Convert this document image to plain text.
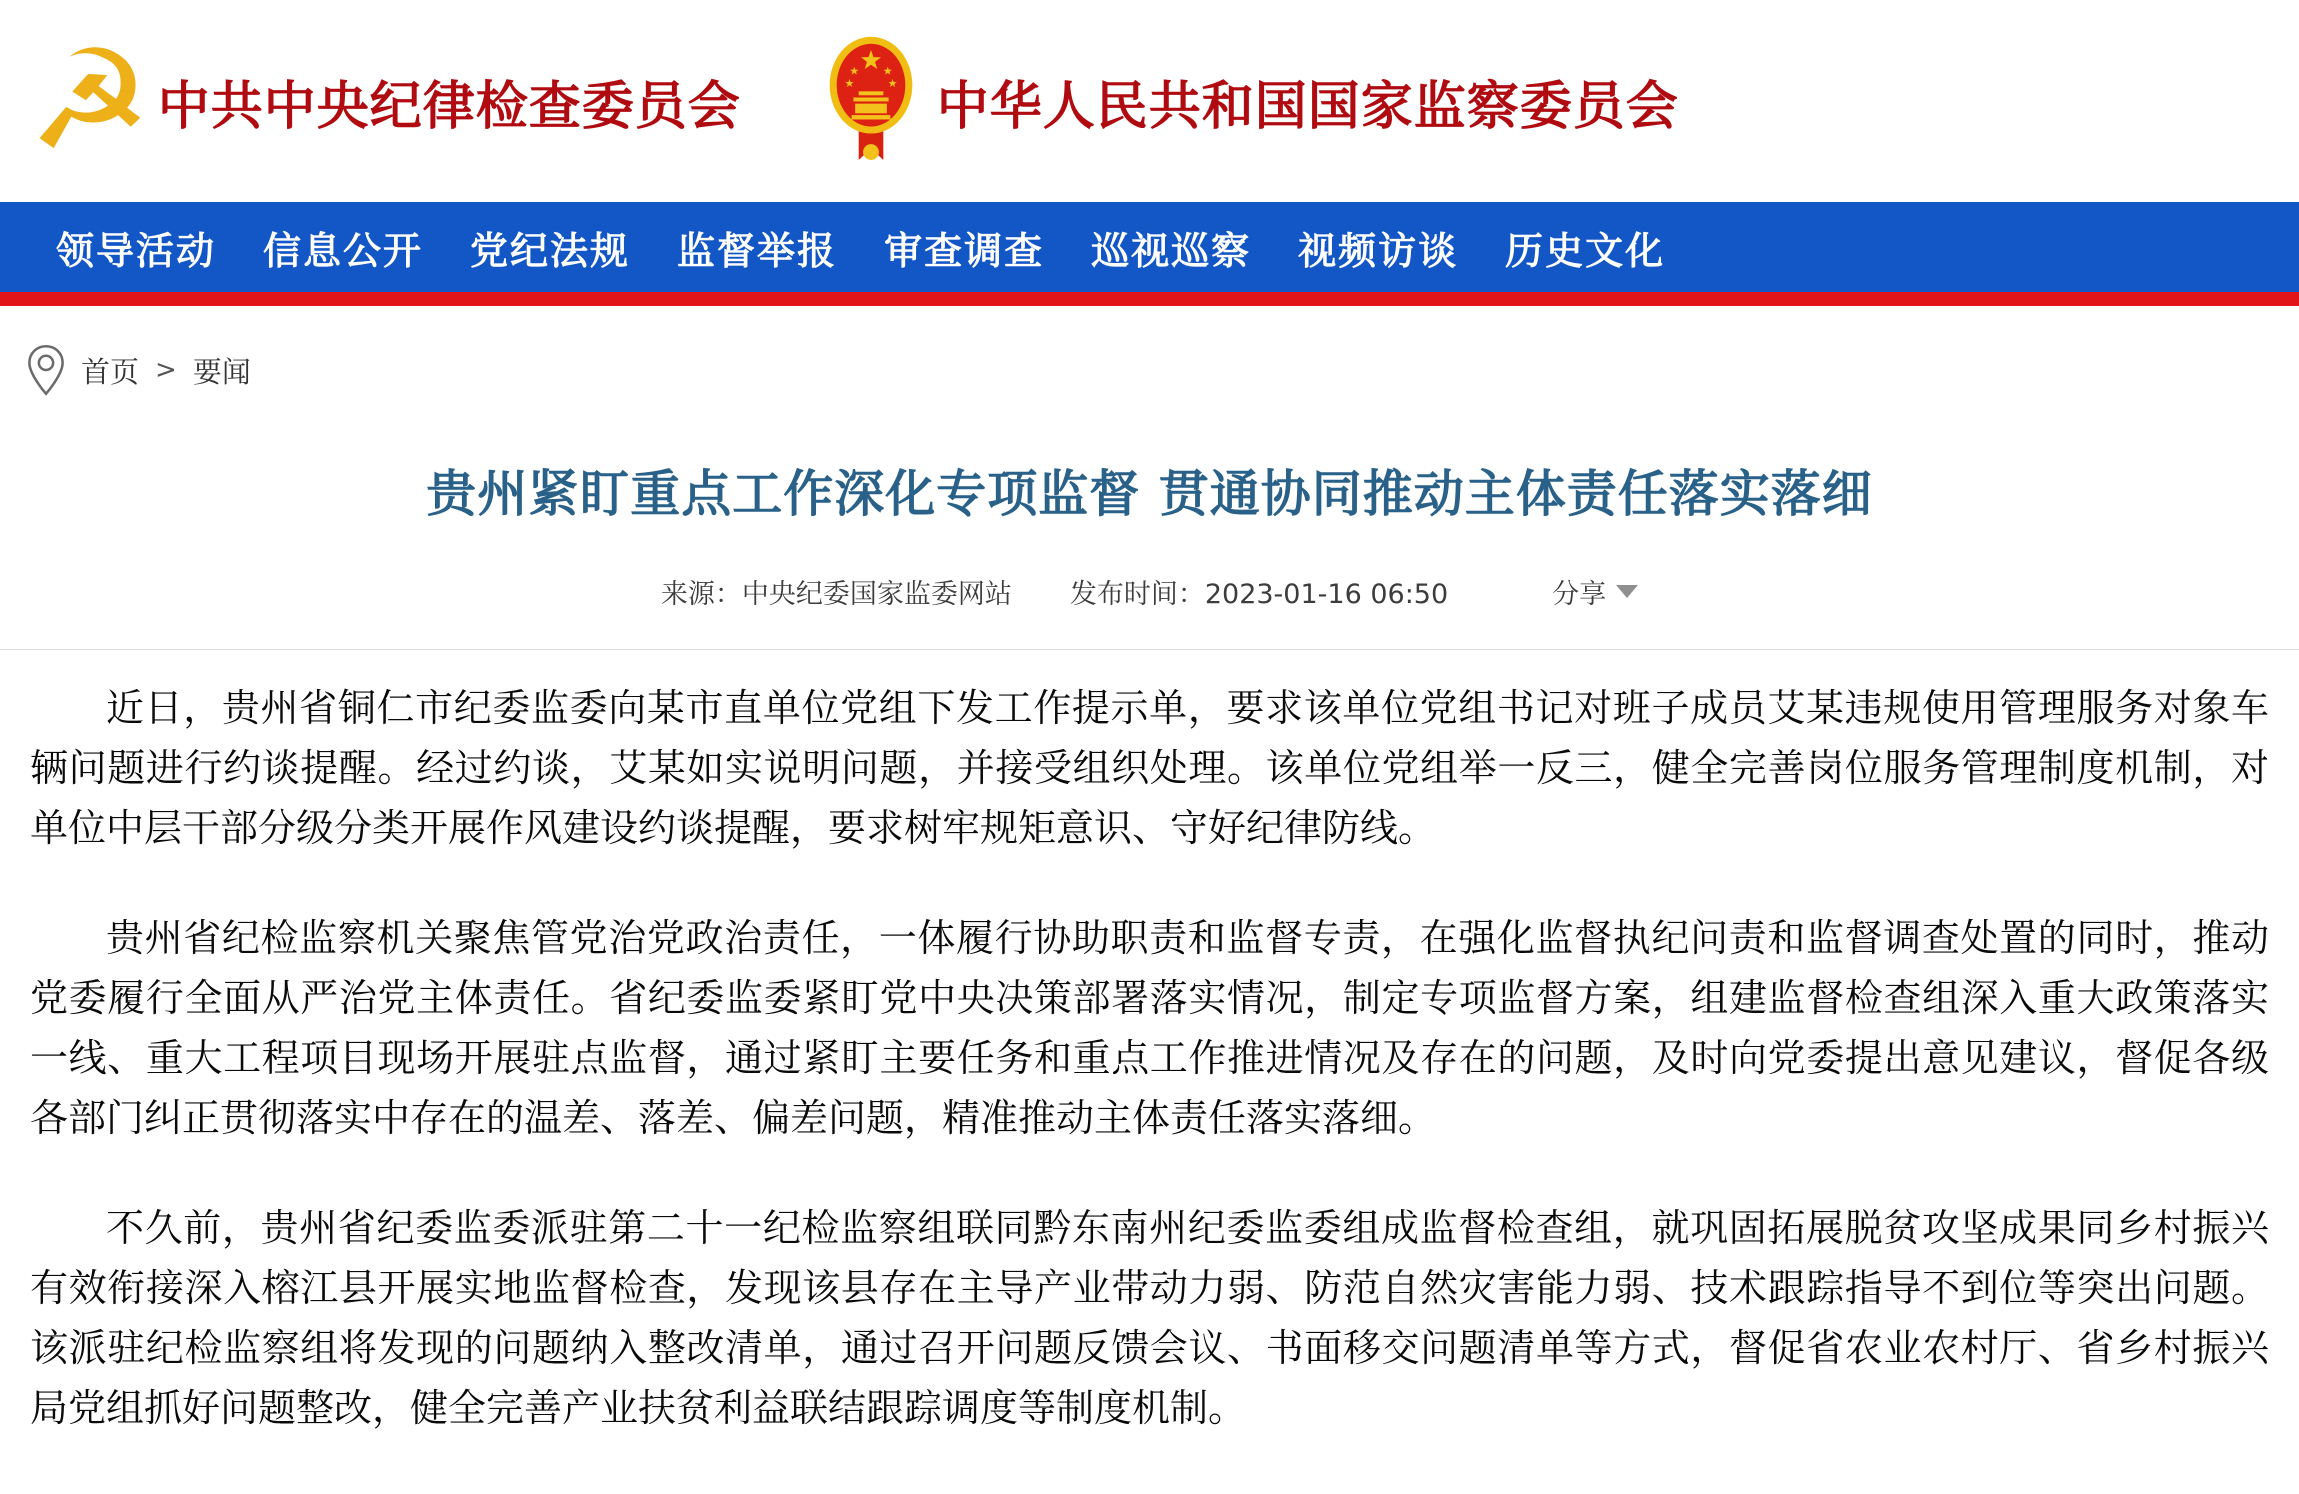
☭ 中共中央纪律检查委员会	中华人民共和国国家监察委员会
领导活动 信息公开 党纪法规 监督举报 审查调查 巡视巡察 视频访谈 历史文化
首页 > 要闻
贵州紧盯重点工作深化专项监督 贯通协同推动主体责任落实落细
来源：中央纪委国家监委网站 发布时间：2023-01-16 06:50	分享

近日，贵州省铜仁市纪委监委向某市直单位党组下发工作提示单，要求该单位党组书记对班子成员艾某违规使用管理服务对象车辆问题进行约谈提醒。经过约谈，艾某如实说明问题，并接受组织处理。该单位党组举一反三，健全完善岗位服务管理制度机制，对单位中层干部分级分类开展作风建设约谈提醒，要求树牢规矩意识、守好纪律防线。

贵州省纪检监察机关聚焦管党治党政治责任，一体履行协助职责和监督专责，在强化监督执纪问责和监督调查处置的同时，推动党委履行全面从严治党主体责任。省纪委监委紧盯党中央决策部署落实情况，制定专项监督方案，组建监督检查组深入重大政策落实一线、重大工程项目现场开展驻点监督，通过紧盯主要任务和重点工作推进情况及存在的问题，及时向党委提出意见建议，督促各级各部门纠正贯彻落实中存在的温差、落差、偏差问题，精准推动主体责任落实落细。

不久前，贵州省纪委监委派驻第二十一纪检监察组联同黔东南州纪委监委组成监督检查组，就巩固拓展脱贫攻坚成果同乡村振兴有效衔接深入榕江县开展实地监督检查，发现该县存在主导产业带动力弱、防范自然灾害能力弱、技术跟踪指导不到位等突出问题。该派驻纪检监察组将发现的问题纳入整改清单，通过召开问题反馈会议、书面移交问题清单等方式，督促省农业农村厅、省乡村振兴局党组抓好问题整改，健全完善产业扶贫利益联结跟踪调度等制度机制。
